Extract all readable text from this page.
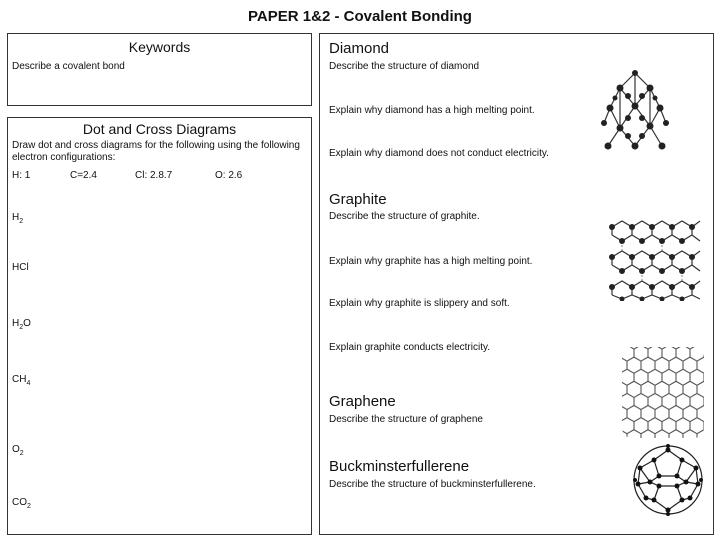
PAPER 1&2 - Covalent Bonding
Keywords
Describe a covalent bond
Dot and Cross Diagrams
Draw dot and cross diagrams for the following using the following electron configurations:
H: 1	C=2.4	Cl: 2.8.7	O: 2.6
$H_2$
HCl
$H_2O$
$CH_4$
$O_2$
$CO_2$
Diamond
Describe the structure of diamond
Explain why diamond has a high melting point.
Explain why diamond does not conduct electricity.
Graphite
Describe the structure of graphite.
Explain why graphite has a high melting point.
Explain why graphite is slippery and soft.
Explain graphite conducts electricity.
Graphene
Describe the structure of graphene
Buckminsterfullerene
Describe the structure of buckminsterfullerene.
